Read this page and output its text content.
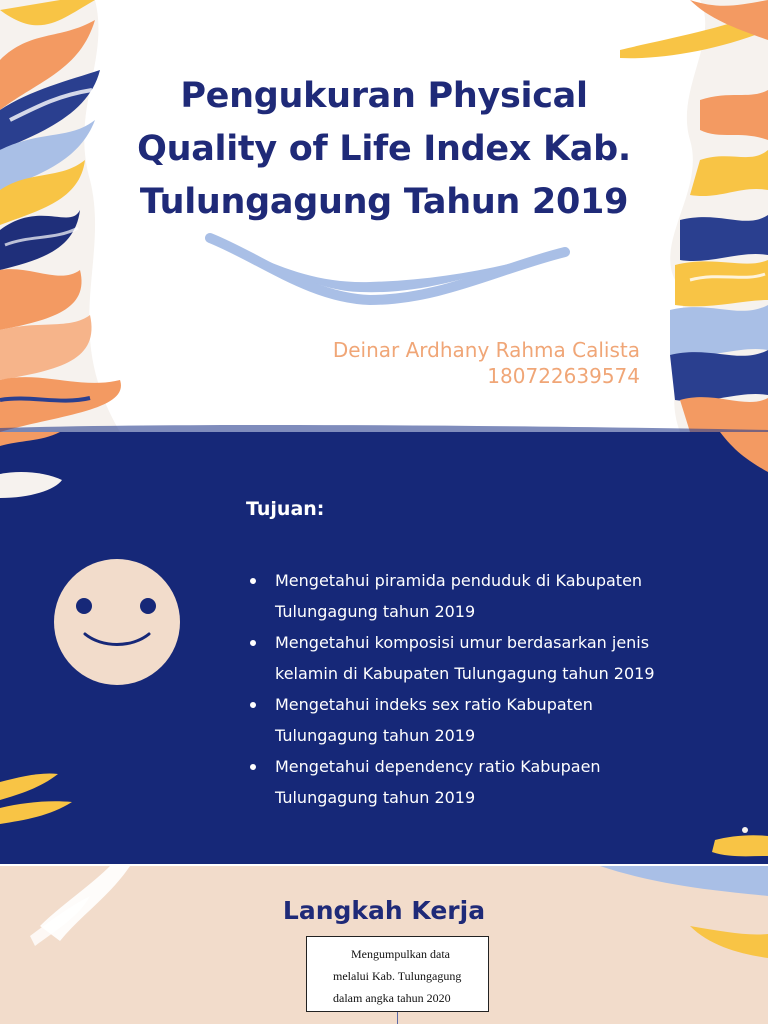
Pengukuran Physical
Quality of Life Index Kab.
Tulungagung Tahun 2019
Deinar Ardhany Rahma Calista
180722639574
Tujuan:
Mengetahui piramida penduduk di Kabupaten
Tulungagung tahun 2019
Mengetahui komposisi umur berdasarkan jenis
kelamin di Kabupaten Tulungagung tahun 2019
Mengetahui indeks sex ratio Kabupaten
Tulungagung tahun 2019
Mengetahui dependency ratio Kabupaen
Tulungagung tahun 2019
Langkah Kerja
Mengumpulkan data
melalui Kab. Tulungagung
dalam angka tahun 2020
